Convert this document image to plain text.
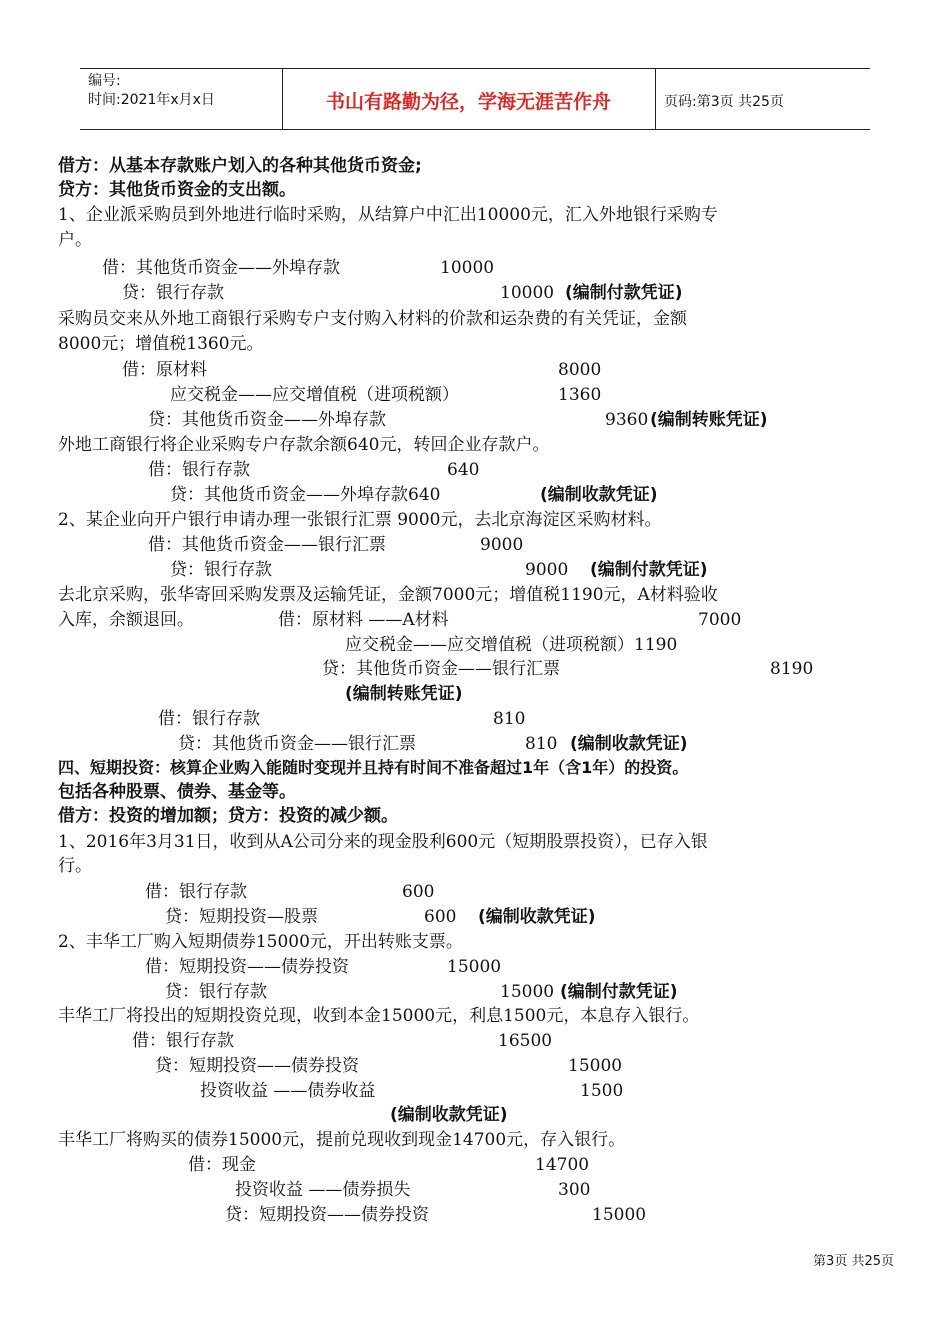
编号:
时间:2021年x月x日	书山有路勤为径，学海无涯苦作舟	页码:第3页 共25页
借方：从基本存款账户划入的各种其他货币资金;
贷方：其他货币资金的支出额。
1、企业派采购员到外地进行临时采购，从结算户中汇出10000元，汇入外地银行采购专
户。
借：其他货币资金——外埠存款	10000
贷：银行存款	10000 (编制付款凭证)
采购员交来从外地工商银行采购专户支付购入材料的价款和运杂费的有关凭证，金额
8000元；增值税1360元。
借：原材料	8000
应交税金——应交增值税（进项税额）	1360
贷：其他货币资金——外埠存款	9360 (编制转账凭证)
外地工商银行将企业采购专户存款余额640元，转回企业存款户。
借：银行存款	640
贷：其他货币资金——外埠存款640	(编制收款凭证)
2、某企业向开户银行申请办理一张银行汇票 9000元，去北京海淀区采购材料。
借：其他货币资金——银行汇票	9000
贷：银行存款	9000 (编制付款凭证)
去北京采购，张华寄回采购发票及运输凭证，金额7000元；增值税1190元，A材料验收
入库，余额退回。	借：原材料 ——A材料	7000
应交税金——应交增值税（进项税额）1190
贷：其他货币资金——银行汇票	8190
(编制转账凭证)
借：银行存款	810
贷：其他货币资金——银行汇票	810 (编制收款凭证)
四、短期投资：核算企业购入能随时变现并且持有时间不准备超过1年（含1年）的投资。
包括各种股票、债券、基金等。
借方：投资的增加额；贷方：投资的减少额。
1、2016年3月31日，收到从A公司分来的现金股利600元（短期股票投资），已存入银
行。
借：银行存款	600
贷：短期投资—股票	600 (编制收款凭证)
2、丰华工厂购入短期债券15000元，开出转账支票。
借：短期投资——债券投资	15000
贷：银行存款	15000 (编制付款凭证)
丰华工厂将投出的短期投资兑现，收到本金15000元，利息1500元，本息存入银行。
借：银行存款	16500
贷：短期投资——债券投资	15000
投资收益 ——债券收益	1500
(编制收款凭证)
丰华工厂将购买的债券15000元，提前兑现收到现金14700元，存入银行。
借：现金	14700
投资收益 ——债券损失	300
贷：短期投资——债券投资	15000
第3页 共25页
